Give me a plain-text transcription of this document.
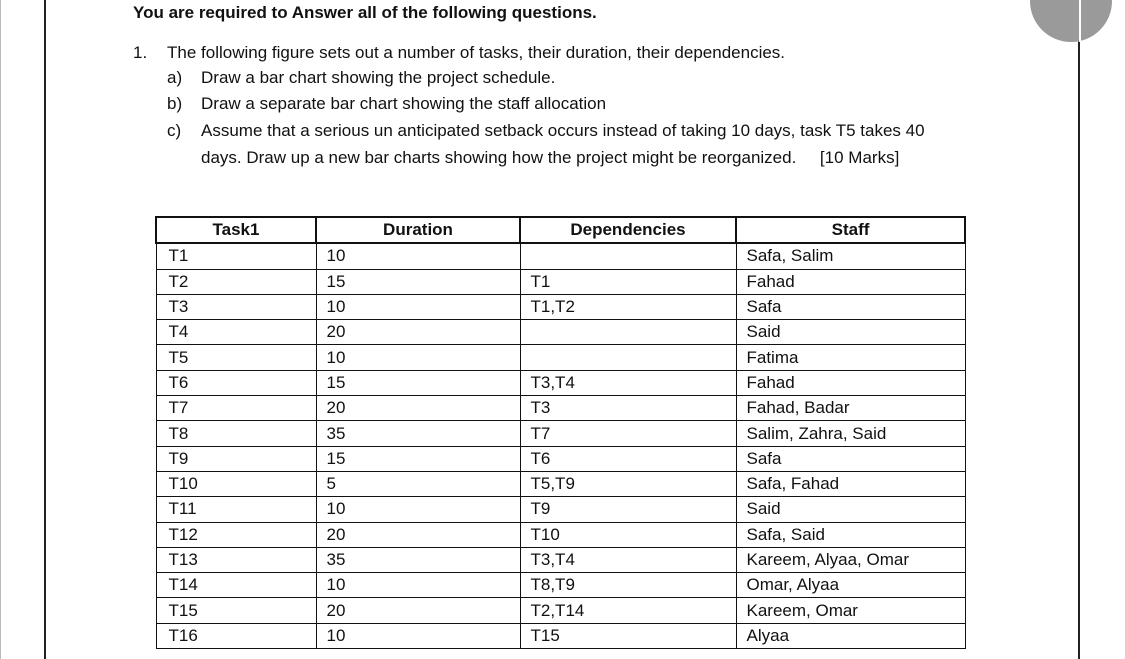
You are required to Answer all of the following questions.
1. The following figure sets out a number of tasks, their duration, their dependencies.
a) Draw a bar chart showing the project schedule.
b) Draw a separate bar chart showing the staff allocation
c) Assume that a serious un anticipated setback occurs instead of taking 10 days, task T5 takes 40
days. Draw up a new bar charts showing how the project might be reorganized.     [10 Marks]
Task1	Duration	Dependencies	Staff
T1	10		Safa, Salim
T2	15	T1	Fahad
T3	10	T1,T2	Safa
T4	20		Said
T5	10		Fatima
T6	15	T3,T4	Fahad
T7	20	T3	Fahad, Badar
T8	35	T7	Salim, Zahra, Said
T9	15	T6	Safa
T10	5	T5,T9	Safa, Fahad
T11	10	T9	Said
T12	20	T10	Safa, Said
T13	35	T3,T4	Kareem, Alyaa, Omar
T14	10	T8,T9	Omar, Alyaa
T15	20	T2,T14	Kareem, Omar
T16	10	T15	Alyaa
